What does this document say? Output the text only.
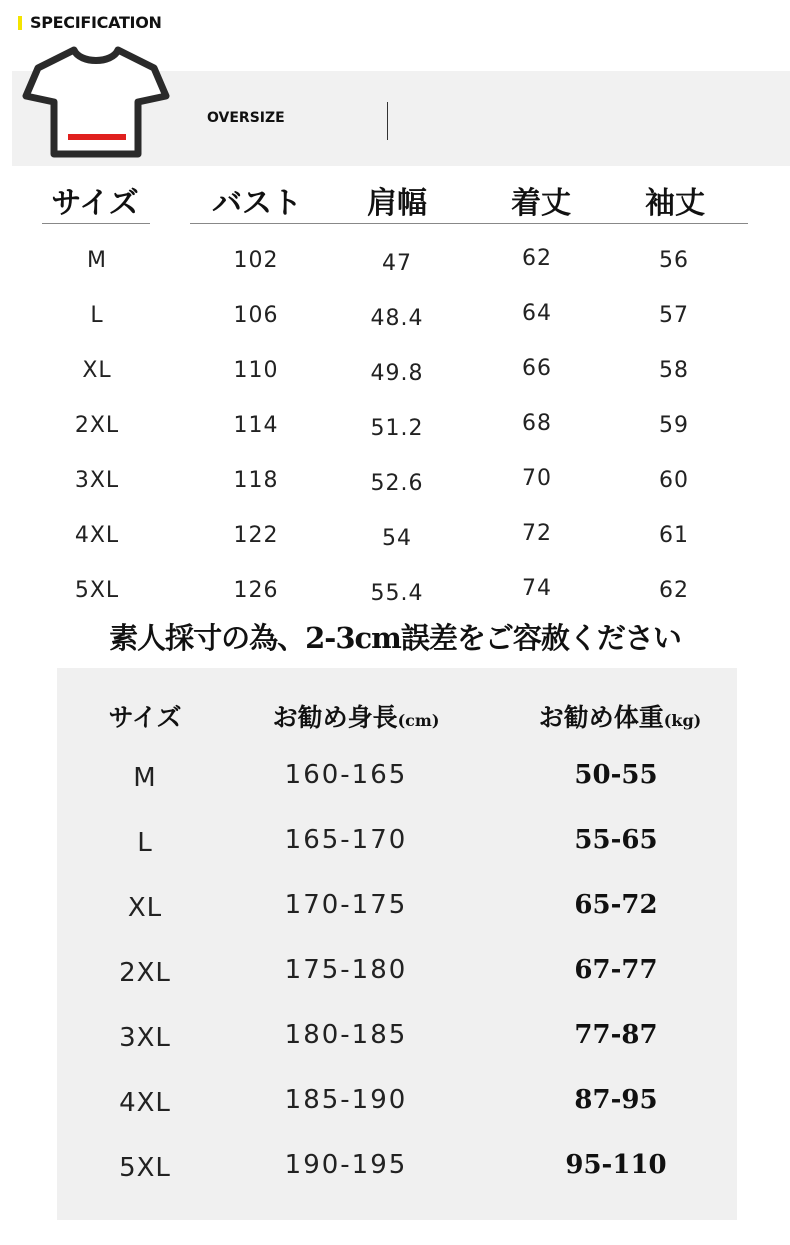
SPECIFICATION
OVERSIZE
サイズ	バスト	肩幅	着丈	袖丈
M	102	47	62	56
L	106	48.4	64	57
XL	110	49.8	66	58
2XL	114	51.2	68	59
3XL	118	52.6	70	60
4XL	122	54	72	61
5XL	126	55.4	74	62
素人採寸の為、2-3cm誤差をご容赦ください
サイズ	お勧め身長(cm)	お勧め体重(kg)
M	160-165	50-55
L	165-170	55-65
XL	170-175	65-72
2XL	175-180	67-77
3XL	180-185	77-87
4XL	185-190	87-95
5XL	190-195	95-110
